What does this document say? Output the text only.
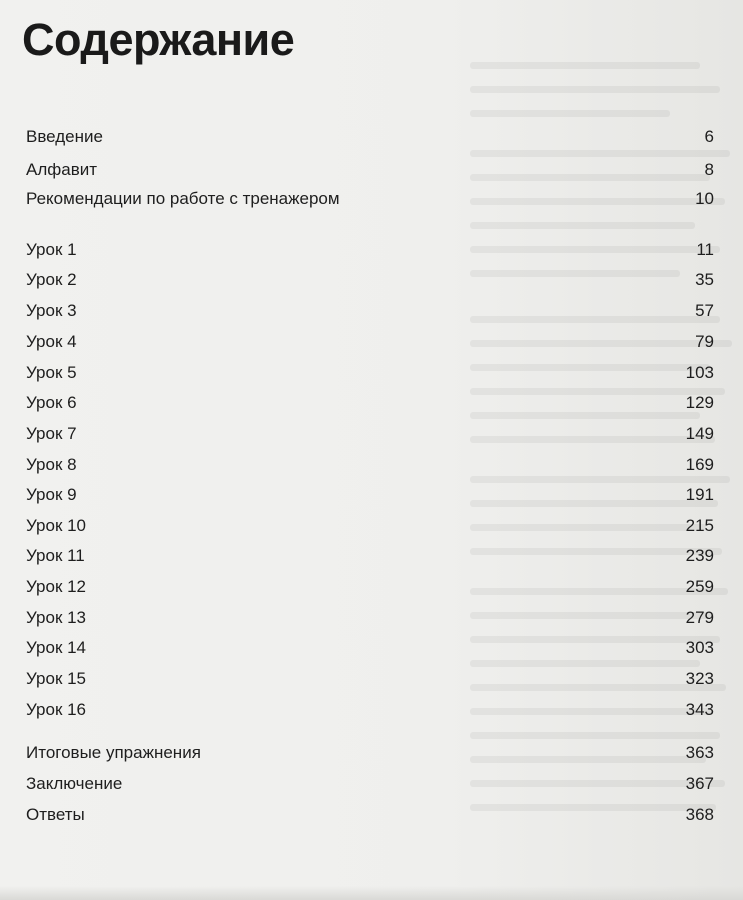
Содержание
Введение	6
Алфавит	8
Рекомендации по работе с тренажером	10
Урок 1	11
Урок 2	35
Урок 3	57
Урок 4	79
Урок 5	103
Урок 6	129
Урок 7	149
Урок 8	169
Урок 9	191
Урок 10	215
Урок 11	239
Урок 12	259
Урок 13	279
Урок 14	303
Урок 15	323
Урок 16	343
Итоговые упражнения	363
Заключение	367
Ответы	368
